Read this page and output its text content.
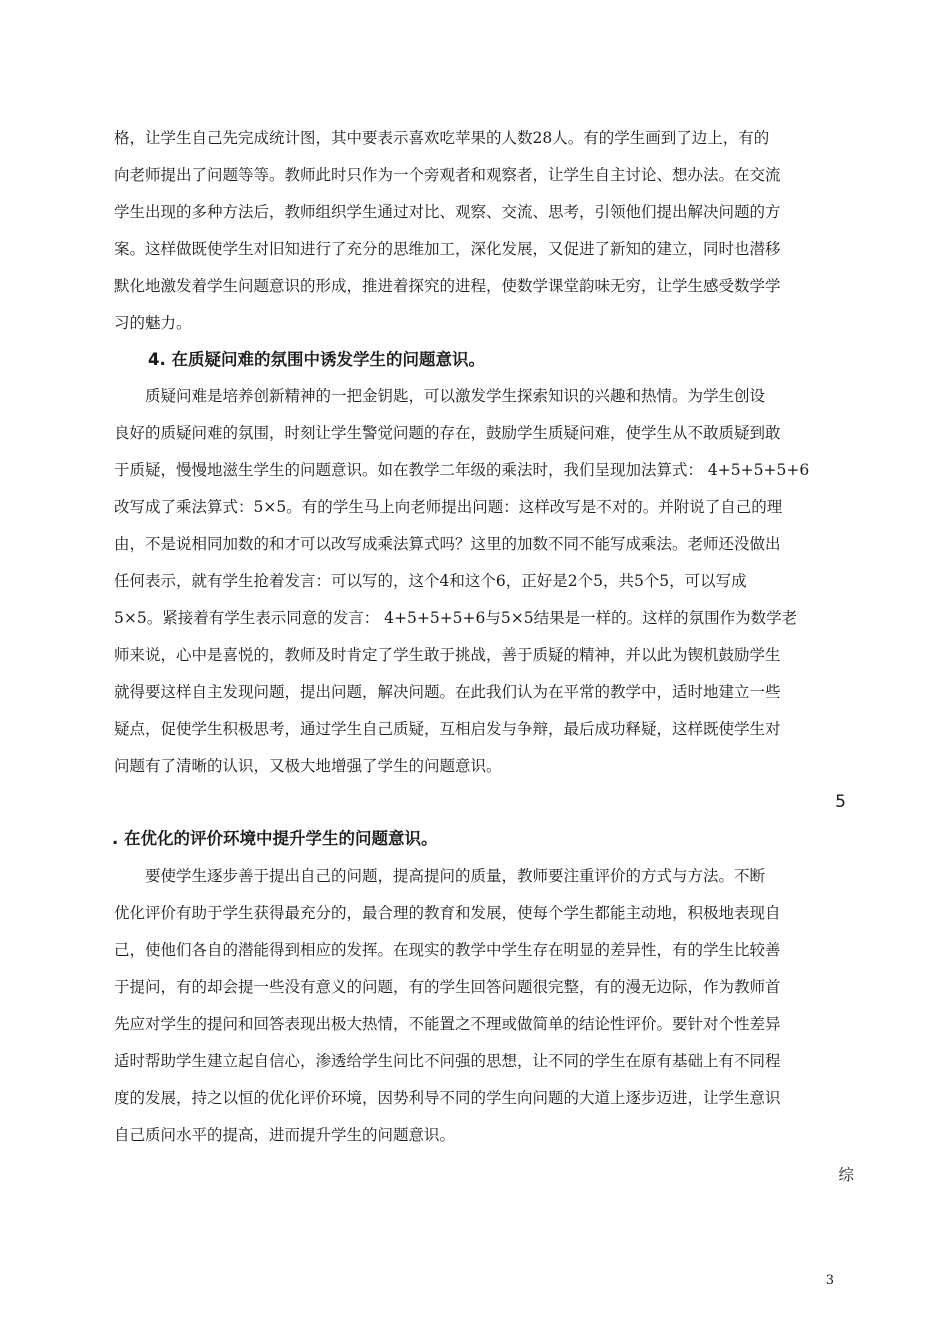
格，让学生自己先完成统计图，其中要表示喜欢吃苹果的人数28人。有的学生画到了边上，有的
向老师提出了问题等等。教师此时只作为一个旁观者和观察者，让学生自主讨论、想办法。在交流
学生出现的多种方法后，教师组织学生通过对比、观察、交流、思考，引领他们提出解决问题的方
案。这样做既使学生对旧知进行了充分的思维加工，深化发展，又促进了新知的建立，同时也潜移
默化地激发着学生问题意识的形成，推进着探究的进程，使数学课堂韵味无穷，让学生感受数学学
习的魅力。
4. 在质疑问难的氛围中诱发学生的问题意识。
　　质疑问难是培养创新精神的一把金钥匙，可以激发学生探索知识的兴趣和热情。为学生创设
良好的质疑问难的氛围，时刻让学生警觉问题的存在，鼓励学生质疑问难，使学生从不敢质疑到敢
于质疑，慢慢地滋生学生的问题意识。如在教学二年级的乘法时，我们呈现加法算式： 4+5+5+5+6
改写成了乘法算式：5×5。有的学生马上向老师提出问题：这样改写是不对的。并附说了自己的理
由，不是说相同加数的和才可以改写成乘法算式吗？这里的加数不同不能写成乘法。老师还没做出
任何表示，就有学生抢着发言：可以写的，这个4和这个6，正好是2个5，共5个5，可以写成
5×5。紧接着有学生表示同意的发言： 4+5+5+5+6与5×5结果是一样的。这样的氛围作为数学老
师来说，心中是喜悦的，教师及时肯定了学生敢于挑战，善于质疑的精神，并以此为锲机鼓励学生
就得要这样自主发现问题，提出问题，解决问题。在此我们认为在平常的教学中，适时地建立一些
疑点，促使学生积极思考，通过学生自己质疑，互相启发与争辩，最后成功释疑，这样既使学生对
问题有了清晰的认识，又极大地增强了学生的问题意识。
5
. 在优化的评价环境中提升学生的问题意识。
　　要使学生逐步善于提出自己的问题，提高提问的质量，教师要注重评价的方式与方法。不断
优化评价有助于学生获得最充分的，最合理的教育和发展，使每个学生都能主动地，积极地表现自
己，使他们各自的潜能得到相应的发挥。在现实的教学中学生存在明显的差异性，有的学生比较善
于提问，有的却会提一些没有意义的问题，有的学生回答问题很完整，有的漫无边际，作为教师首
先应对学生的提问和回答表现出极大热情，不能置之不理或做简单的结论性评价。要针对个性差异
适时帮助学生建立起自信心，渗透给学生问比不问强的思想，让不同的学生在原有基础上有不同程
度的发展，持之以恒的优化评价环境，因势利导不同的学生向问题的大道上逐步迈进，让学生意识
自己质问水平的提高，进而提升学生的问题意识。
综
3
